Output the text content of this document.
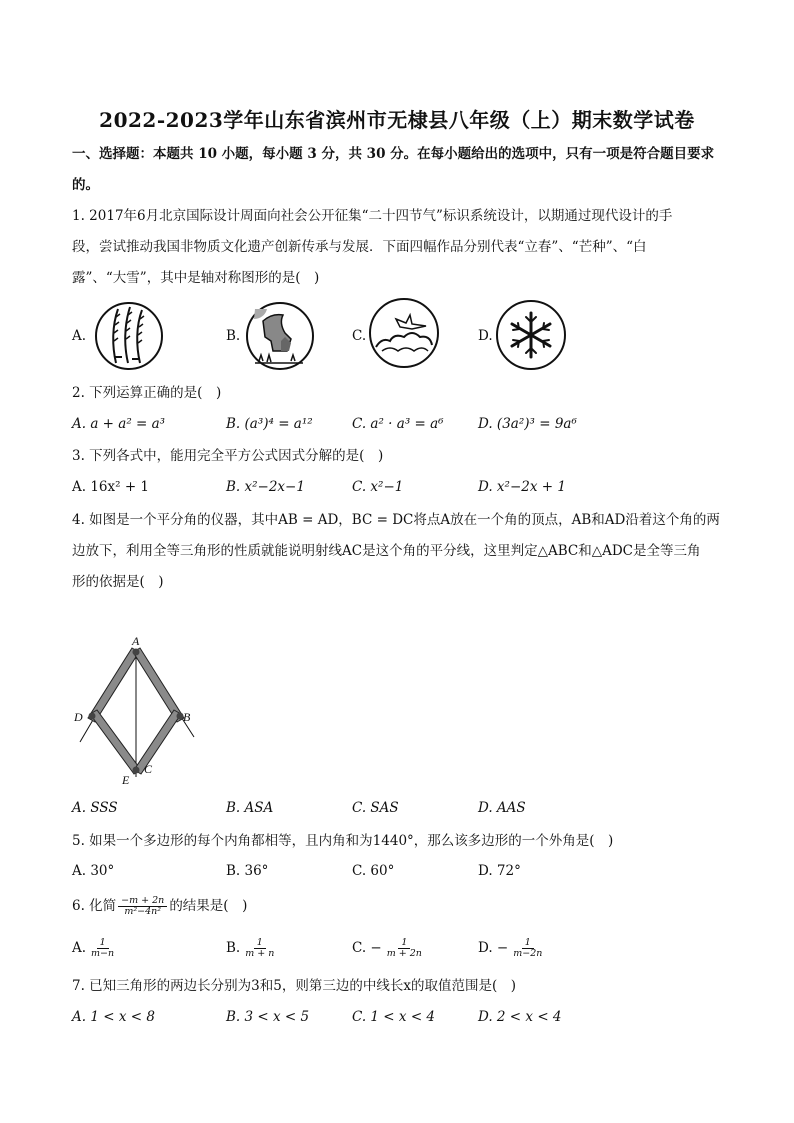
2022-2023学年山东省滨州市无棣县八年级（上）期末数学试卷
一、选择题：本题共 10 小题，每小题 3 分，共 30 分。在每小题给出的选项中，只有一项是符合题目要求
的。
1. 2017年6月北京国际设计周面向社会公开征集“二十四节气”标识系统设计，以期通过现代设计的手
段，尝试推动我国非物质文化遗产创新传承与发展．下面四幅作品分别代表“立春”、“芒种”、“白
露”、“大雪”，其中是轴对称图形的是(　)
A.	B.	C.	D.
2. 下列运算正确的是(　)
A. a + a² = a³	B. (a³)⁴ = a¹²	C. a² · a³ = a⁶	D. (3a²)³ = 9a⁶
3. 下列各式中，能用完全平方公式因式分解的是(　)
A. 16x² + 1	B. x²−2x−1	C. x²−1	D. x²−2x + 1
4. 如图是一个平分角的仪器，其中AB = AD，BC = DC将点A放在一个角的顶点，AB和AD沿着这个角的两
边放下，利用全等三角形的性质就能说明射线AC是这个角的平分线，这里判定△ABC和△ADC是全等三角
形的依据是(　)
A
D	B
C
E
A. SSS	B. ASA	C. SAS	D. AAS
5. 如果一个多边形的每个内角都相等，且内角和为1440°，那么该多边形的一个外角是(　)
A. 30°	B. 36°	C. 60°	D. 72°
6. 化简 $\frac{-m + 2n}{\text{m²−4n²}}$ 的结果是(　)
A. $\frac{1}{m-n}$	B. $\frac{1}{m + n}$	C. − $\frac{1}{m + 2n}$	D. − $\frac{1}{m-2n}$
7. 已知三角形的两边长分别为3和5，则第三边的中线长x的取值范围是(　)
A. 1 < x < 8	B. 3 < x < 5	C. 1 < x < 4	D. 2 < x < 4
